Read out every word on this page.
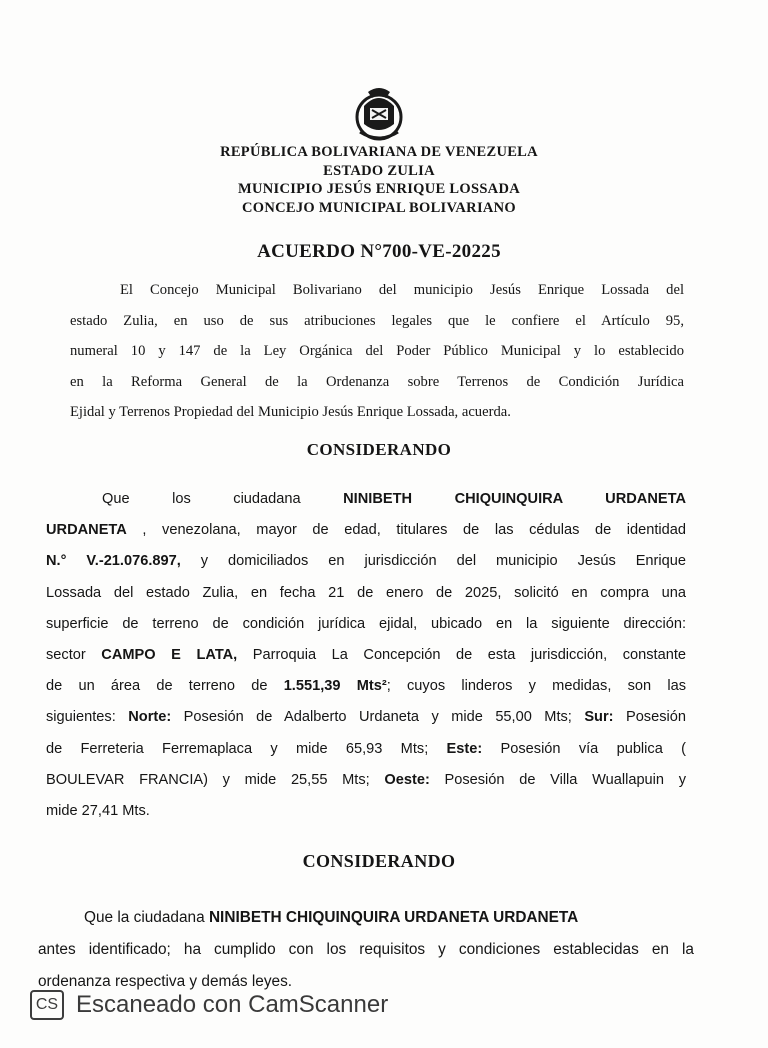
REPÚBLICA BOLIVARIANA DE VENEZUELA
ESTADO ZULIA
MUNICIPIO JESÚS ENRIQUE LOSSADA
CONCEJO MUNICIPAL BOLIVARIANO
ACUERDO N°700-VE-20225
El Concejo Municipal Bolivariano del municipio Jesús Enrique Lossada del
estado Zulia, en uso de sus atribuciones legales que le confiere el Artículo 95,
numeral 10 y 147 de la Ley Orgánica del Poder Público Municipal y lo establecido
en la Reforma General de la Ordenanza sobre Terrenos de Condición Jurídica
Ejidal y Terrenos Propiedad del Municipio Jesús Enrique Lossada, acuerda.
CONSIDERANDO
Que los ciudadana NINIBETH CHIQUINQUIRA URDANETA
URDANETA , venezolana, mayor de edad, titulares de las cédulas de identidad
N.° V.-21.076.897, y domiciliados en jurisdicción del municipio Jesús Enrique
Lossada del estado Zulia, en fecha 21 de enero de 2025, solicitó en compra una
superficie de terreno de condición jurídica ejidal, ubicado en la siguiente dirección:
sector CAMPO E LATA, Parroquia La Concepción de esta jurisdicción, constante
de un área de terreno de 1.551,39 Mts²; cuyos linderos y medidas, son las
siguientes: Norte: Posesión de Adalberto Urdaneta y mide 55,00 Mts; Sur: Posesión
de Ferreteria Ferremaplaca y mide 65,93 Mts; Este: Posesión vía publica (
BOULEVAR FRANCIA) y mide 25,55 Mts; Oeste: Posesión de Villa Wuallapuin y
mide 27,41 Mts.
CONSIDERANDO
Que la ciudadana NINIBETH CHIQUINQUIRA URDANETA URDANETA
antes identificado; ha cumplido con los requisitos y condiciones establecidas en la
ordenanza respectiva y demás leyes.
CS Escaneado con CamScanner
